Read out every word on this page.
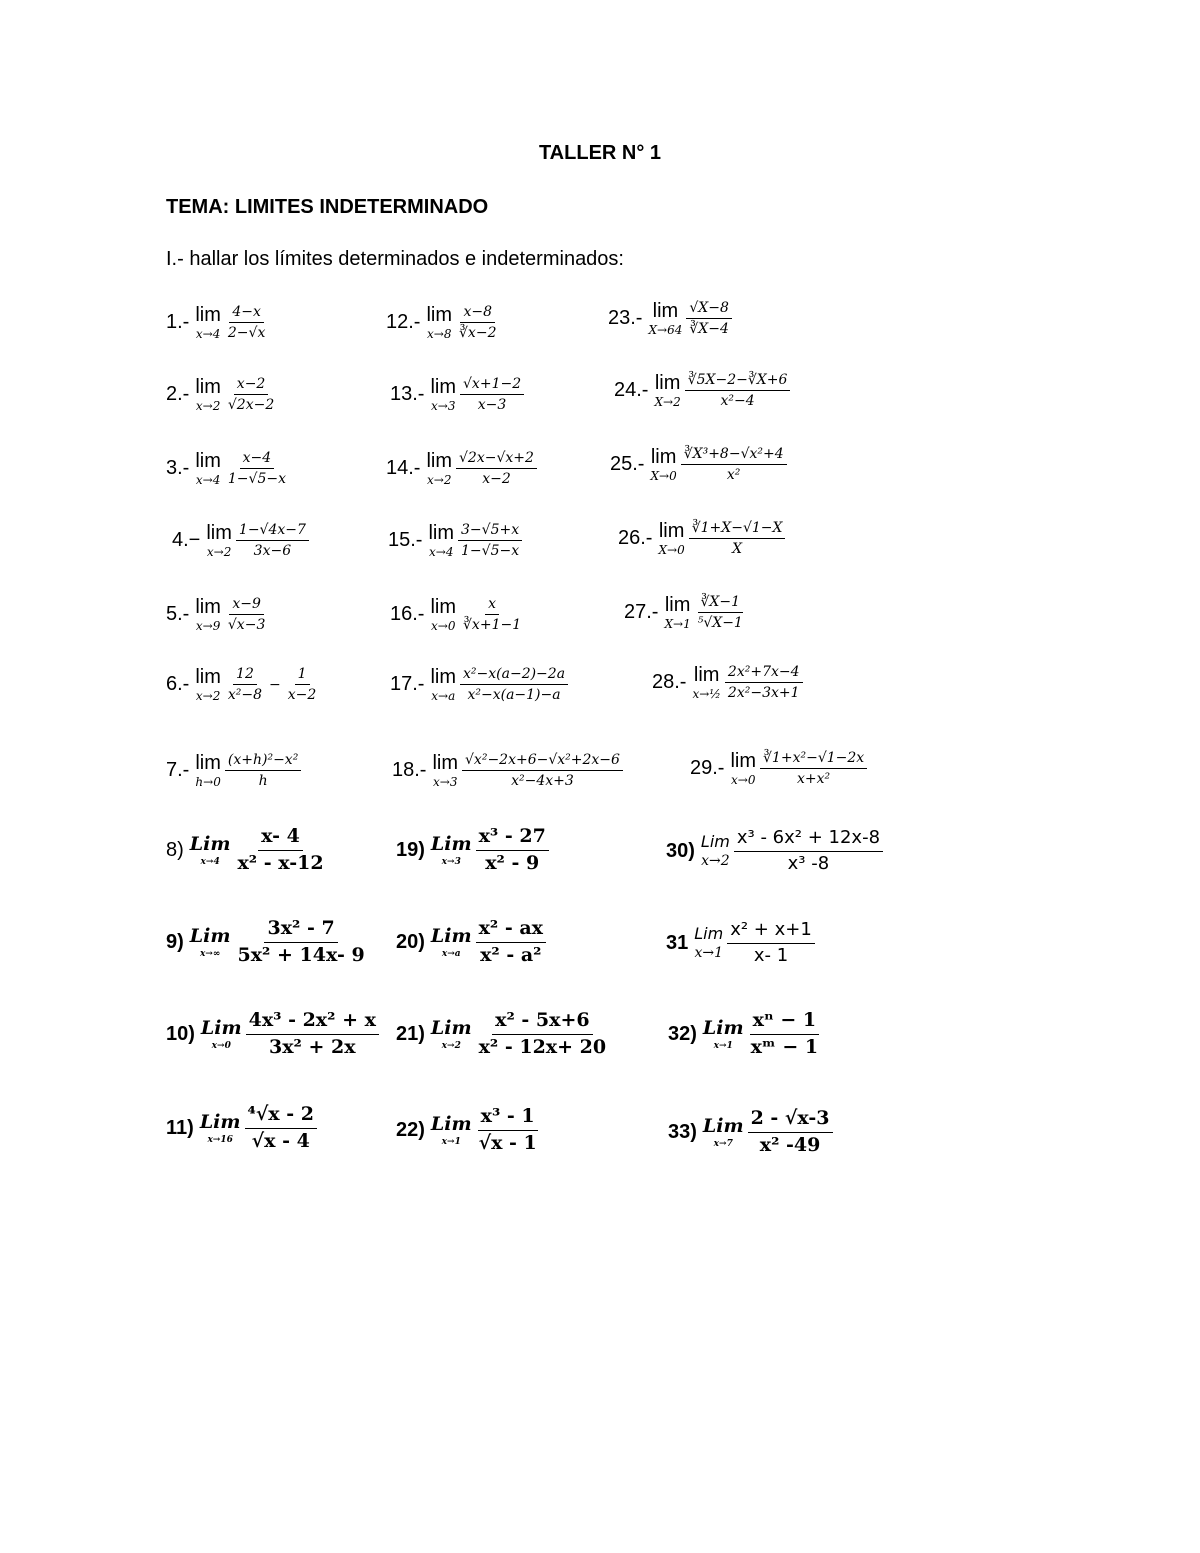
TALLER N° 1
TEMA: LIMITES INDETERMINADO
I.- hallar los límites determinados e indeterminados:
1.- lim
$x\to 4 \frac{4-x}{2-√x}$
2.- lim
$x\to 2 \frac{x-2}{√2x-2}$
3.- lim
$x\to 4 \frac{x-4}{1-√5-x}$
4.− lim
$x\to 2 \frac{1-√4x-7}{3x-6}$
5.- lim
$x\to 9 \frac{x-9}{√x-3}$
6.- lim
$x\to 2 \frac{12}{\text{x²−8}} - \frac{1}{x-2}$
7.- lim
$h\to 0 \frac{\text{(x+h)²−x²}}{h}$
8) Lim
$x\to 4 \frac{x- 4}{\text{x² - x-12}}$
9) Lim
$x\to\infty \frac{\text{3x² - 7}}{\text{5x² + 14x- 9}}$
10) Lim
$x\to 0 \frac{\text{4x³ - 2x² + x}}{\text{3x² + 2x}}$
11) Lim
$x\to 16 \frac{\text{⁴√x - 2}}{√x - 4}$
12.- lim
$x\to 8 \frac{x-8}{∛x-2}$
13.- lim
$x\to 3 \frac{√x+1-2}{x-3}$
14.- lim
$x\to 2 \frac{√2x-√x+2}{x-2}$
15.- lim
$x\to 4 \frac{3-√5+x}{1-√5-x}$
16.- lim
$x\to 0 \frac{x}{∛x+1-1}$
17.- lim
$x\to a \frac{\text{x²−x(a−2)−2a}}{\text{x²−x(a−1)−a}}$
18.- lim
$x\to 3 \frac{\text{√x²−2x+6−√x²+2x−6}}{\text{x²−4x+3}}$
19) Lim
$x\to 3 \frac{\text{x³ - 27}}{\text{x² - 9}}$
20) Lim
$x\to a \frac{\text{x² - ax}}{\text{x² - a²}}$
21) Lim
$x\to 2 \frac{\text{x² - 5x+6}}{\text{x² - 12x+ 20}}$
22) Lim
$x\to 1 \frac{\text{x³ - 1}}{√x - 1}$
23.- lim
$X\to 64 \frac{√X-8}{∛X-4}$
24.- lim
$X\to 2 \frac{∛5X-2-∛X+6}{\text{x²−4}}$
25.- lim
$X\to 0 \frac{\text{∛X³+8−√x²+4}}{\text{x²}}$
26.- lim
$X\to 0 \frac{∛1+X-√1-X}{X}$
27.- lim
$X\to 1 \frac{∛X-1}{\text{⁵√X−1}}$
28.- lim
x→½ $\frac{\text{2x²+7x−4}}{\text{2x²−3x+1}}$
29.- lim
$x\to 0 \frac{\text{∛1+x²−√1−2x}}{\text{x+x²}}$
30) Lim
$x\to 2 \frac{\text{x³ - 6x² + 12x-8}}{\text{x³ -8}}$
31 Lim
$x\to 1 \frac{\text{x² + x+1}}{x- 1}$
32) Lim
$x\to 1 \frac{\text{xⁿ − 1}}{\text{xᵐ − 1}}$
33) Lim
$x\to 7 \frac{2 - √x-3}{\text{x² -49}}$
